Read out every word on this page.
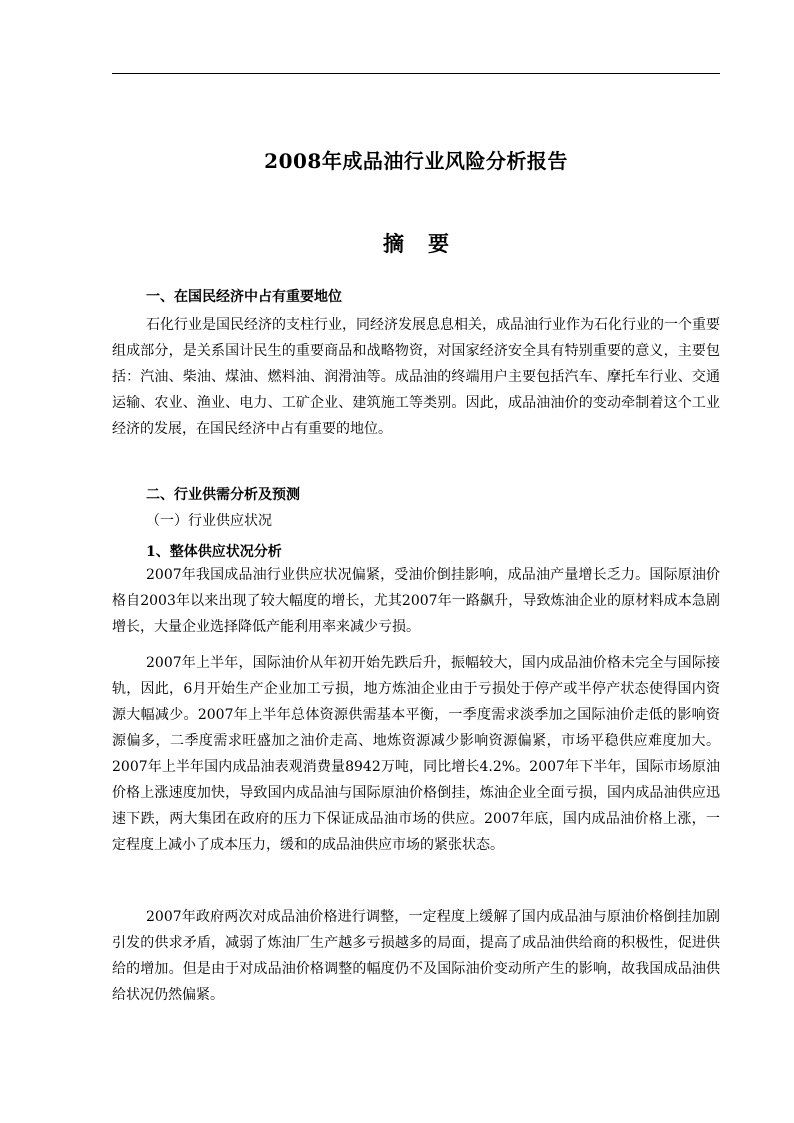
2008年成品油行业风险分析报告
摘要
一、在国民经济中占有重要地位

石化行业是国民经济的支柱行业，同经济发展息息相关，成品油行业作为石化行业的一个重要组成部分，是关系国计民生的重要商品和战略物资，对国家经济安全具有特别重要的意义，主要包括：汽油、柴油、煤油、燃料油、润滑油等。成品油的终端用户主要包括汽车、摩托车行业、交通运输、农业、渔业、电力、工矿企业、建筑施工等类别。因此，成品油油价的变动牵制着这个工业经济的发展，在国民经济中占有重要的地位。

二、行业供需分析及预测
（一）行业供应状况
1、整体供应状况分析

2007年我国成品油行业供应状况偏紧，受油价倒挂影响，成品油产量增长乏力。国际原油价格自2003年以来出现了较大幅度的增长，尤其2007年一路飙升，导致炼油企业的原材料成本急剧增长，大量企业选择降低产能利用率来减少亏损。

2007年上半年，国际油价从年初开始先跌后升，振幅较大，国内成品油价格未完全与国际接轨，因此，6月开始生产企业加工亏损，地方炼油企业由于亏损处于停产或半停产状态使得国内资源大幅减少。2007年上半年总体资源供需基本平衡，一季度需求淡季加之国际油价走低的影响资源偏多，二季度需求旺盛加之油价走高、地炼资源减少影响资源偏紧，市场平稳供应难度加大。2007年上半年国内成品油表观消费量8942万吨，同比增长4.2%。2007年下半年，国际市场原油价格上涨速度加快，导致国内成品油与国际原油价格倒挂，炼油企业全面亏损，国内成品油供应迅速下跌，两大集团在政府的压力下保证成品油市场的供应。2007年底，国内成品油价格上涨，一定程度上减小了成本压力，缓和的成品油供应市场的紧张状态。

2007年政府两次对成品油价格进行调整，一定程度上缓解了国内成品油与原油价格倒挂加剧引发的供求矛盾，减弱了炼油厂生产越多亏损越多的局面，提高了成品油供给商的积极性，促进供给的增加。但是由于对成品油价格调整的幅度仍不及国际油价变动所产生的影响，故我国成品油供给状况仍然偏紧。
